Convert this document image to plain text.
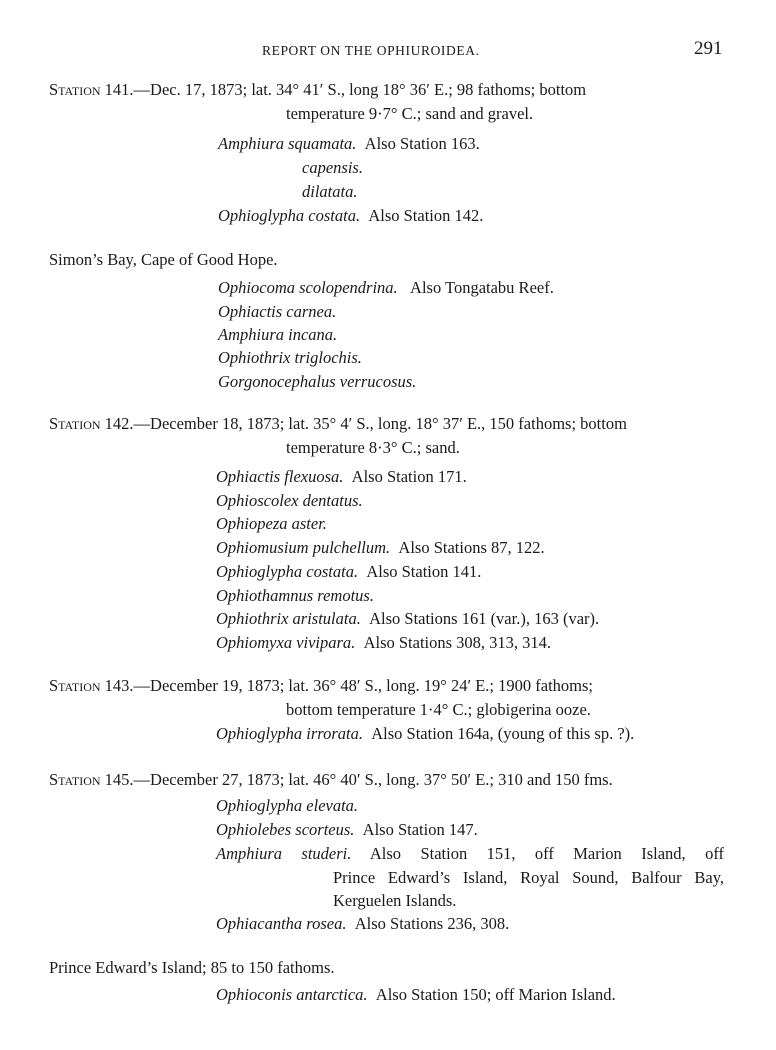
REPORT ON THE OPHIUROIDEA.	291
Station 141.—Dec. 17, 1873; lat. 34° 41′ S., long 18° 36′ E.; 98 fathoms; bottom
temperature 9·7° C.; sand and gravel.
Amphiura squamata. Also Station 163.
capensis.
dilatata.
Ophioglypha costata. Also Station 142.
Simon’s Bay, Cape of Good Hope.
Ophiocoma scolopendrina. Also Tongatabu Reef.
Ophiactis carnea.
Amphiura incana.
Ophiothrix triglochis.
Gorgonocephalus verrucosus.
Station 142.—December 18, 1873; lat. 35° 4′ S., long. 18° 37′ E., 150 fathoms; bottom
temperature 8·3° C.; sand.
Ophiactis flexuosa. Also Station 171.
Ophioscolex dentatus.
Ophiopeza aster.
Ophiomusium pulchellum. Also Stations 87, 122.
Ophioglypha costata. Also Station 141.
Ophiothamnus remotus.
Ophiothrix aristulata. Also Stations 161 (var.), 163 (var).
Ophiomyxa vivipara. Also Stations 308, 313, 314.
Station 143.—December 19, 1873; lat. 36° 48′ S., long. 19° 24′ E.; 1900 fathoms;
bottom temperature 1·4° C.; globigerina ooze.
Ophioglypha irrorata. Also Station 164a, (young of this sp. ?).
Station 145.—December 27, 1873; lat. 46° 40′ S., long. 37° 50′ E.; 310 and 150 fms.
Ophioglypha elevata.
Ophiolebes scorteus. Also Station 147.
Amphiura studeri. Also Station 151, off Marion Island, off
Prince Edward’s Island, Royal Sound, Balfour Bay,
Kerguelen Islands.
Ophiacantha rosea. Also Stations 236, 308.
Prince Edward’s Island; 85 to 150 fathoms.
Ophioconis antarctica. Also Station 150; off Marion Island.
